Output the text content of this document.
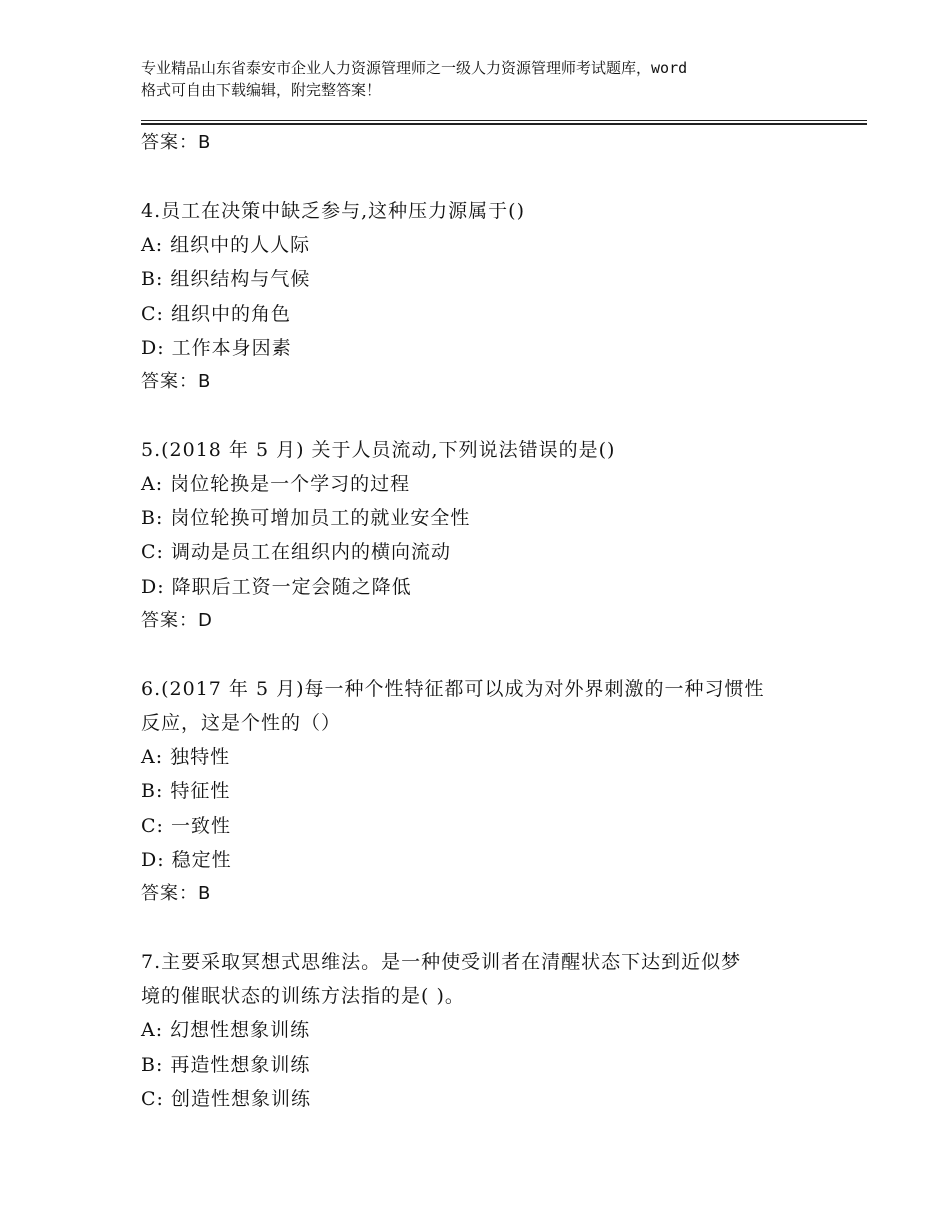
专业精品山东省泰安市企业人力资源管理师之一级人力资源管理师考试题库，word
格式可自由下载编辑，附完整答案！
答案：B
4.员工在决策中缺乏参与,这种压力源属于()
A: 组织中的人人际
B: 组织结构与气候
C: 组织中的角色
D: 工作本身因素
答案：B
5.(2018 年 5 月) 关于人员流动,下列说法错误的是()
A: 岗位轮换是一个学习的过程
B: 岗位轮换可增加员工的就业安全性
C: 调动是员工在组织内的横向流动
D: 降职后工资一定会随之降低
答案：D
6.(2017 年 5 月)每一种个性特征都可以成为对外界刺激的一种习惯性
反应，这是个性的（）
A: 独特性
B: 特征性
C: 一致性
D: 稳定性
答案：B
7.主要采取冥想式思维法。是一种使受训者在清醒状态下达到近似梦
境的催眠状态的训练方法指的是( )。
A: 幻想性想象训练
B: 再造性想象训练
C: 创造性想象训练
